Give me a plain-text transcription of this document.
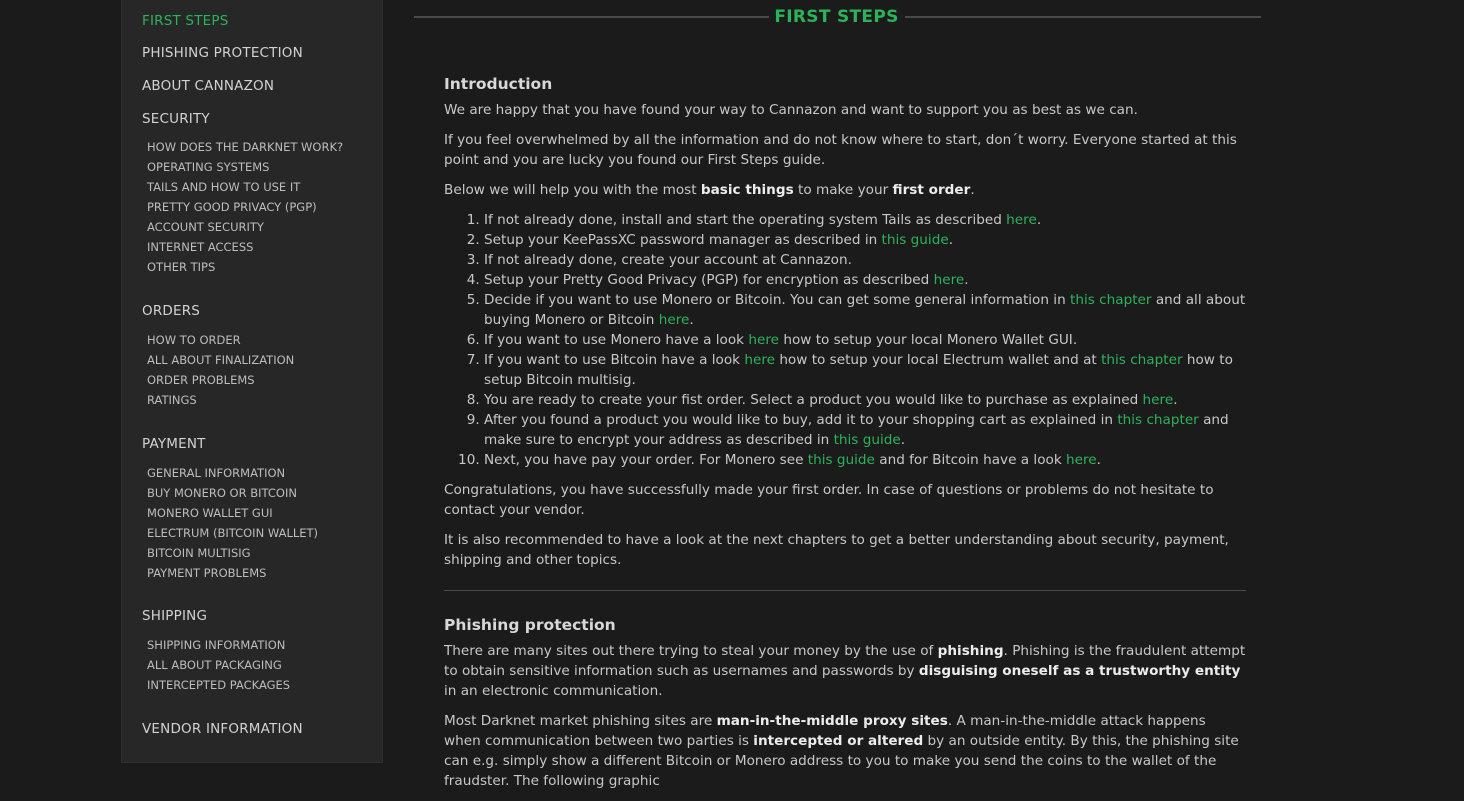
FIRST STEPS
PHISHING PROTECTION
ABOUT CANNAZON
SECURITY
HOW DOES THE DARKNET WORK?
OPERATING SYSTEMS
TAILS AND HOW TO USE IT
PRETTY GOOD PRIVACY (PGP)
ACCOUNT SECURITY
INTERNET ACCESS
OTHER TIPS
ORDERS
HOW TO ORDER
ALL ABOUT FINALIZATION
ORDER PROBLEMS
RATINGS
PAYMENT
GENERAL INFORMATION
BUY MONERO OR BITCOIN
MONERO WALLET GUI
ELECTRUM (BITCOIN WALLET)
BITCOIN MULTISIG
PAYMENT PROBLEMS
SHIPPING
SHIPPING INFORMATION
ALL ABOUT PACKAGING
INTERCEPTED PACKAGES
VENDOR INFORMATION
FIRST STEPS
Introduction

We are happy that you have found your way to Cannazon and want to support you as best as we can.

If you feel overwhelmed by all the information and do not know where to start, don´t worry. Everyone started at this point and you are lucky you found our First Steps guide.

Below we will help you with the most basic things to make your first order.

1. If not already done, install and start the operating system Tails as described here.
2. Setup your KeePassXC password manager as described in this guide.
3. If not already done, create your account at Cannazon.
4. Setup your Pretty Good Privacy (PGP) for encryption as described here.
5. Decide if you want to use Monero or Bitcoin. You can get some general information in this chapter and all about buying Monero or Bitcoin here.
6. If you want to use Monero have a look here how to setup your local Monero Wallet GUI.
7. If you want to use Bitcoin have a look here how to setup your local Electrum wallet and at this chapter how to setup Bitcoin multisig.
8. You are ready to create your fist order. Select a product you would like to purchase as explained here.
9. After you found a product you would like to buy, add it to your shopping cart as explained in this chapter and make sure to encrypt your address as described in this guide.
10. Next, you have pay your order. For Monero see this guide and for Bitcoin have a look here.

Congratulations, you have successfully made your first order. In case of questions or problems do not hesitate to contact your vendor.

It is also recommended to have a look at the next chapters to get a better understanding about security, payment, shipping and other topics.

Phishing protection

There are many sites out there trying to steal your money by the use of phishing. Phishing is the fraudulent attempt to obtain sensitive information such as usernames and passwords by disguising oneself as a trustworthy entity in an electronic communication.

Most Darknet market phishing sites are man-in-the-middle proxy sites. A man-in-the-middle attack happens when communication between two parties is intercepted or altered by an outside entity. By this, the phishing site can e.g. simply show a different Bitcoin or Monero address to you to make you send the coins to the wallet of the fraudster. The following graphic
